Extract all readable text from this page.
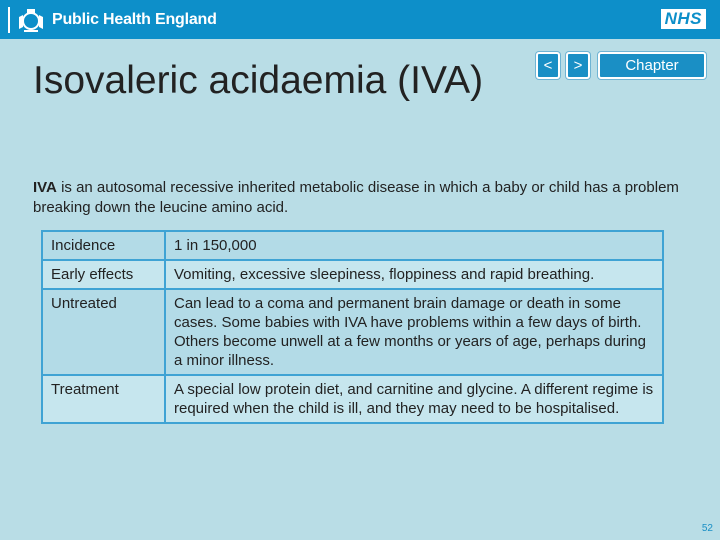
Public Health England	NHS
Isovaleric acidaemia (IVA)	<	>	Chapter
IVA is an autosomal recessive inherited metabolic disease in which a baby or child has a problem breaking down the leucine amino acid.
Incidence	1 in 150,000
Early effects	Vomiting, excessive sleepiness, floppiness and rapid breathing.
Untreated	Can lead to a coma and permanent brain damage or death in some cases. Some babies with IVA have problems within a few days of birth. Others become unwell at a few months or years of age, perhaps during a minor illness.
Treatment	A special low protein diet, and carnitine and glycine. A different regime is required when the child is ill, and they may need to be hospitalised.
52
